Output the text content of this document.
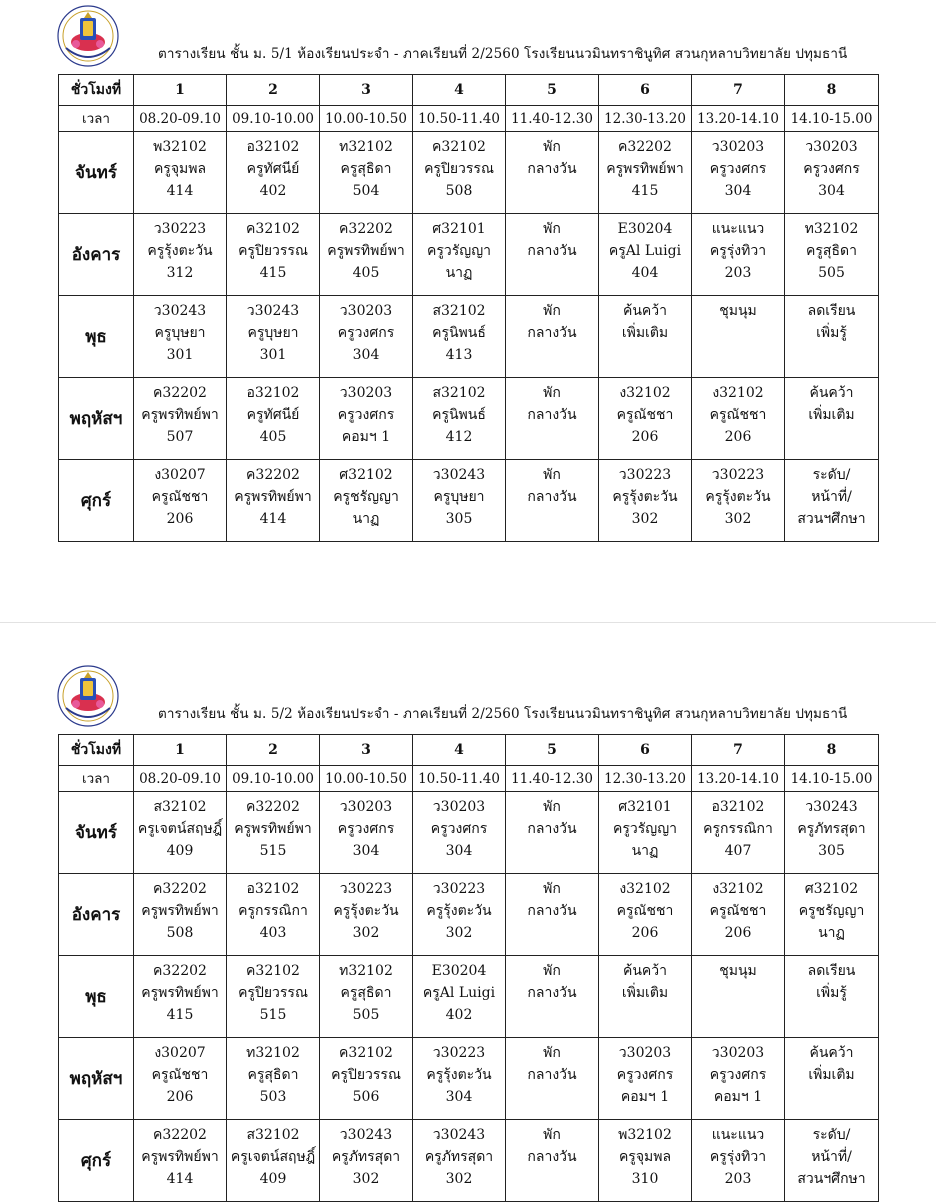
ตารางเรียน ชั้น ม. 5/1 ห้องเรียนประจำ - ภาคเรียนที่ 2/2560 โรงเรียนนวมินทราชินูทิศ สวนกุหลาบวิทยาลัย ปทุมธานี
ชั่วโมงที่	1	2	3	4	5	6	7	8
เวลา	08.20-09.10	09.10-10.00	10.00-10.50	10.50-11.40	11.40-12.30	12.30-13.20	13.20-14.10	14.10-15.00
จันทร์	พ32102
ครูจุมพล
414	อ32102
ครูทัศนีย์
402	ท32102
ครูสุธิดา
504	ค32102
ครูปิยวรรณ
508	พัก
กลางวัน	ค32202
ครูพรทิพย์พา
415	ว30203
ครูวงศกร
304	ว30203
ครูวงศกร
304

อังคาร	ว30223
ครูรุ้งตะวัน
312	ค32102
ครูปิยวรรณ
415	ค32202
ครูพรทิพย์พา
405	ศ32101
ครูวรัญญา
นาฏ	พัก
กลางวัน	E30204
ครูAl Luigi
404	แนะแนว
ครูรุ่งทิวา
203	ท32102
ครูสุธิดา
505

พุธ	ว30243
ครูบุษยา
301	ว30243
ครูบุษยา
301	ว30203
ครูวงศกร
304	ส32102
ครูนิพนธ์
413	พัก
กลางวัน	ค้นคว้า
เพิ่มเติม	ชุมนุม	ลดเรียน
เพิ่มรู้

พฤหัสฯ	ค32202
ครูพรทิพย์พา
507	อ32102
ครูทัศนีย์
405	ว30203
ครูวงศกร
คอมฯ 1	ส32102
ครูนิพนธ์
412	พัก
กลางวัน	ง32102
ครูณัชชา
206	ง32102
ครูณัชชา
206	ค้นคว้า
เพิ่มเติม

ศุกร์	ง30207
ครูณัชชา
206	ค32202
ครูพรทิพย์พา
414	ศ32102
ครูชรัญญา
นาฏ	ว30243
ครูบุษยา
305	พัก
กลางวัน	ว30223
ครูรุ้งตะวัน
302	ว30223
ครูรุ้งตะวัน
302	ระดับ/
หน้าที่/
สวนฯศึกษา
ตารางเรียน ชั้น ม. 5/2 ห้องเรียนประจำ - ภาคเรียนที่ 2/2560 โรงเรียนนวมินทราชินูทิศ สวนกุหลาบวิทยาลัย ปทุมธานี
ชั่วโมงที่	1	2	3	4	5	6	7	8
เวลา	08.20-09.10	09.10-10.00	10.00-10.50	10.50-11.40	11.40-12.30	12.30-13.20	13.20-14.10	14.10-15.00
จันทร์	ส32102
ครูเจตน์สฤษฎิ์
409	ค32202
ครูพรทิพย์พา
515	ว30203
ครูวงศกร
304	ว30203
ครูวงศกร
304	พัก
กลางวัน	ศ32101
ครูวรัญญา
นาฏ	อ32102
ครูกรรณิกา
407	ว30243
ครูภัทรสุดา
305

อังคาร	ค32202
ครูพรทิพย์พา
508	อ32102
ครูกรรณิกา
403	ว30223
ครูรุ้งตะวัน
302	ว30223
ครูรุ้งตะวัน
302	พัก
กลางวัน	ง32102
ครูณัชชา
206	ง32102
ครูณัชชา
206	ศ32102
ครูชรัญญา
นาฏ

พุธ	ค32202
ครูพรทิพย์พา
415	ค32102
ครูปิยวรรณ
515	ท32102
ครูสุธิดา
505	E30204
ครูAl Luigi
402	พัก
กลางวัน	ค้นคว้า
เพิ่มเติม	ชุมนุม	ลดเรียน
เพิ่มรู้

พฤหัสฯ	ง30207
ครูณัชชา
206	ท32102
ครูสุธิดา
503	ค32102
ครูปิยวรรณ
506	ว30223
ครูรุ้งตะวัน
304	พัก
กลางวัน	ว30203
ครูวงศกร
คอมฯ 1	ว30203
ครูวงศกร
คอมฯ 1	ค้นคว้า
เพิ่มเติม

ศุกร์	ค32202
ครูพรทิพย์พา
414	ส32102
ครูเจตน์สฤษฎิ์
409	ว30243
ครูภัทรสุดา
302	ว30243
ครูภัทรสุดา
302	พัก
กลางวัน	พ32102
ครูจุมพล
310	แนะแนว
ครูรุ่งทิวา
203	ระดับ/
หน้าที่/
สวนฯศึกษา
